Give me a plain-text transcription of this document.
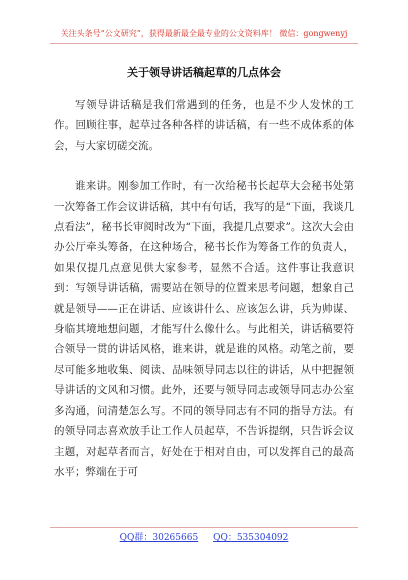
关注头条号“公文研究”，获得最新最全最专业的公文资料库！ 微信：gongwenyj
关于领导讲话稿起草的几点体会

写领导讲话稿是我们常遇到的任务，也是不少人发怵的工作。回顾往事，起草过各种各样的讲话稿，有一些不成体系的体会，与大家切磋交流。

谁来讲。刚参加工作时，有一次给秘书长起草大会秘书处第一次筹备工作会议讲话稿，其中有句话，我写的是“下面，我谈几点看法”，秘书长审阅时改为“下面，我提几点要求”。这次大会由办公厅牵头筹备，在这种场合，秘书长作为筹备工作的负责人，如果仅提几点意见供大家参考，显然不合适。这件事让我意识到：写领导讲话稿，需要站在领导的位置来思考问题，想象自己就是领导——正在讲话、应该讲什么、应该怎么讲，兵为帅谋、身临其境地想问题，才能写什么像什么。与此相关，讲话稿要符合领导一贯的讲话风格，谁来讲，就是谁的风格。动笔之前，要尽可能多地收集、阅读、品味领导同志以往的讲话，从中把握领导讲话的文风和习惯。此外，还要与领导同志或领导同志办公室多沟通，问清楚怎么写。不同的领导同志有不同的指导方法。有的领导同志喜欢放手让工作人员起草，不告诉提纲，只告诉会议主题，对起草者而言，好处在于相对自由，可以发挥自己的最高水平；弊端在于可

QQ群：30265665 QQ：535304092
